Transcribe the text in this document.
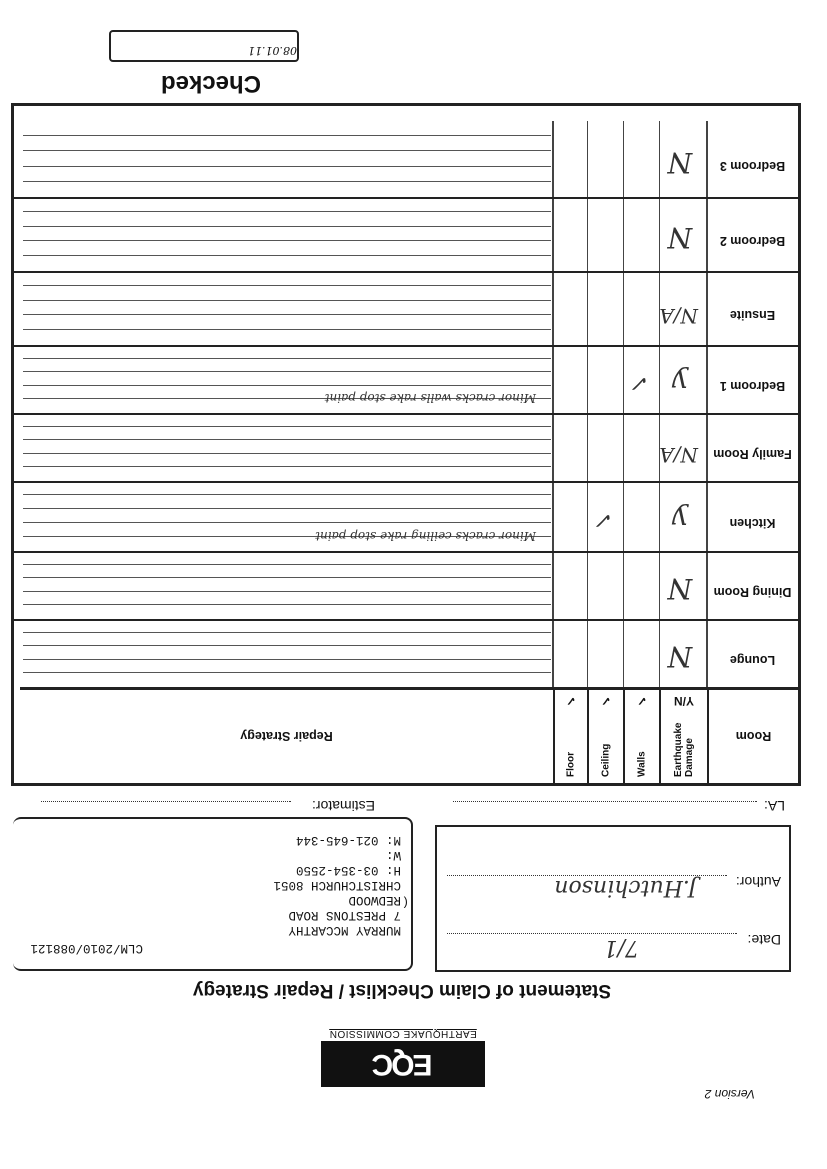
Version 2
EQC
EARTHQUAKE COMMISSION
Statement of Claim Checklist / Repair Strategy
Date:
7/1
Author:
J.Hutchinson
(
CLM/2010/088121
MURRAY MCCARTHY
7 PRESTONS ROAD
REDWOOD
CHRISTCHURCH 8051
H: 03-354-2550
W:
M: 021-645-344
LA:
Estimator:
Room
Earthquake Damage
Y/N
Walls
✓
Ceiling
✓
Floor
✓
Repair Strategy
Lounge
N
Dining Room
N
Kitchen
y
✓
Minor cracks ceiling rake stop paint
Family Room
N/A
Bedroom 1
y
✓
Minor cracks walls rake stop paint
Ensuite
N/A
Bedroom 2
N
Bedroom 3
N
Checked
08.01.11
